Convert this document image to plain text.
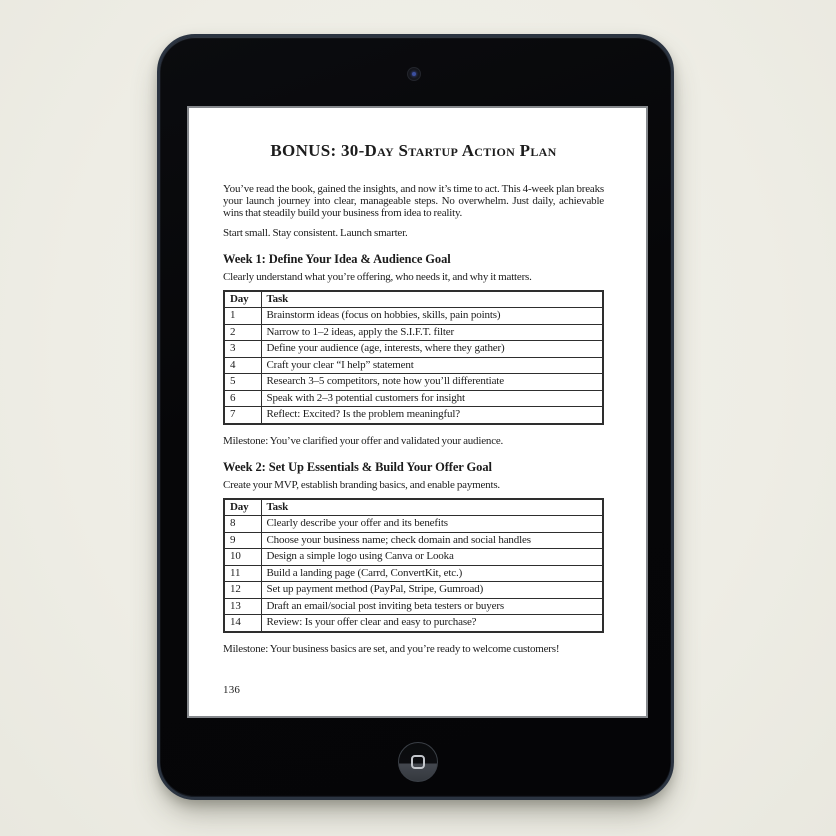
BONUS: 30-Day Startup Action Plan

You’ve read the book, gained the insights, and now it’s time to act. This 4-week plan breaks your launch journey into clear, manageable steps. No overwhelm. Just daily, achievable wins that steadily build your business from idea to reality.

Start small. Stay consistent. Launch smarter.

Week 1: Define Your Idea & Audience Goal

Clearly understand what you’re offering, who needs it, and why it matters.

Day	Task
1	Brainstorm ideas (focus on hobbies, skills, pain points)
2	Narrow to 1–2 ideas, apply the S.I.F.T. filter
3	Define your audience (age, interests, where they gather)
4	Craft your clear “I help” statement
5	Research 3–5 competitors, note how you’ll differentiate
6	Speak with 2–3 potential customers for insight
7	Reflect: Excited? Is the problem meaningful?

Milestone: You’ve clarified your offer and validated your audience.

Week 2: Set Up Essentials & Build Your Offer Goal

Create your MVP, establish branding basics, and enable payments.

Day	Task
8	Clearly describe your offer and its benefits
9	Choose your business name; check domain and social handles
10	Design a simple logo using Canva or Looka
11	Build a landing page (Carrd, ConvertKit, etc.)
12	Set up payment method (PayPal, Stripe, Gumroad)
13	Draft an email/social post inviting beta testers or buyers
14	Review: Is your offer clear and easy to purchase?

Milestone: Your business basics are set, and you’re ready to welcome customers!

136
